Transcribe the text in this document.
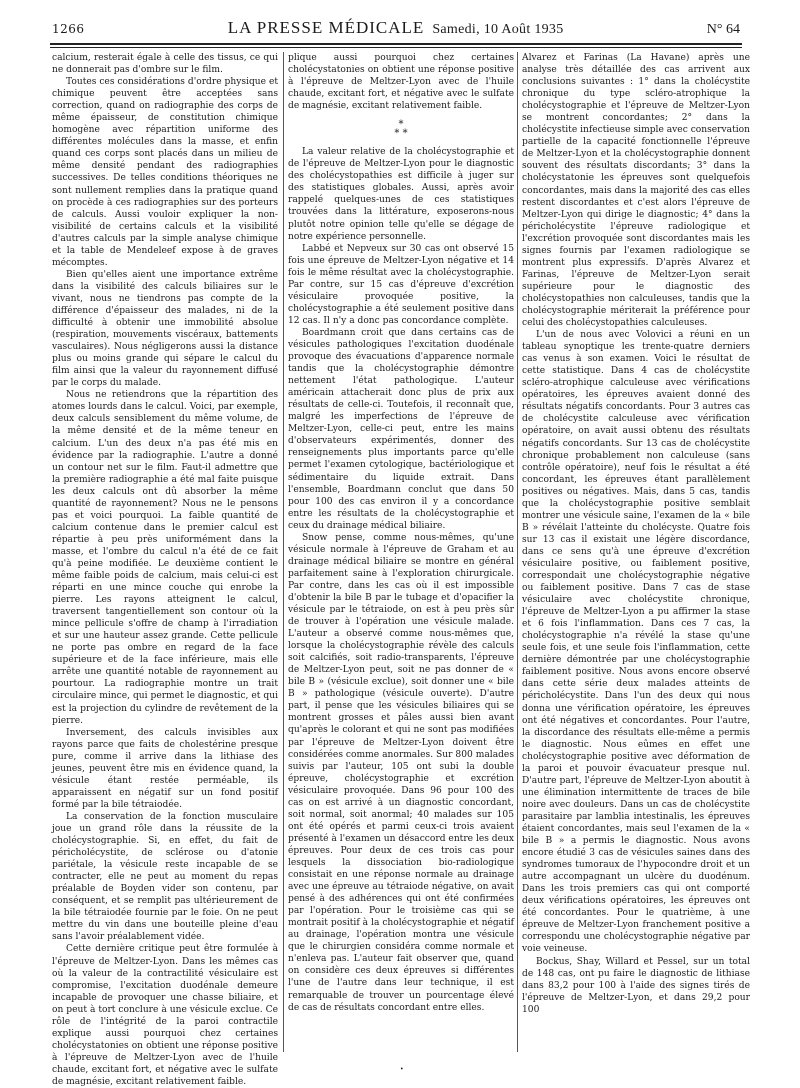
1266	LA PRESSE MÉDICALE Samedi, 10 Août 1935	N° 64

calcium, resterait égale à celle des tissus, ce qui ne donnerait pas d'ombre sur le film.

Toutes ces considérations d'ordre physique et chimique peuvent être acceptées sans correction, quand on radiographie des corps de même épaisseur, de constitution chimique homogène avec répartition uniforme des différentes molécules dans la masse, et enfin quand ces corps sont placés dans un milieu de même densité pendant des radiographies successives. De telles conditions théoriques ne sont nullement remplies dans la pratique quand on procède à ces radiographies sur des porteurs de calculs. Aussi vouloir expliquer la non-visibilité de certains calculs et la visibilité d'autres calculs par la simple analyse chimique et la table de Mendeleef expose à de graves mécomptes.

Bien qu'elles aient une importance extrême dans la visibilité des calculs biliaires sur le vivant, nous ne tiendrons pas compte de la différence d'épaisseur des malades, ni de la difficulté à obtenir une immobilité absolue (respiration, mouvements viscéraux, battements vasculaires). Nous négligerons aussi la distance plus ou moins grande qui sépare le calcul du film ainsi que la valeur du rayonnement diffusé par le corps du malade.

Nous ne retiendrons que la répartition des atomes lourds dans le calcul. Voici, par exemple, deux calculs sensiblement du même volume, de la même densité et de la même teneur en calcium. L'un des deux n'a pas été mis en évidence par la radiographie. L'autre a donné un contour net sur le film. Faut-il admettre que la première radiographie a été mal faite puisque les deux calculs ont dû absorber la même quantité de rayonnement? Nous ne le pensons pas et voici pourquoi. La faible quantité de calcium contenue dans le premier calcul est répartie à peu près uniformément dans la masse, et l'ombre du calcul n'a été de ce fait qu'à peine modifiée. Le deuxième contient le même faible poids de calcium, mais celui-ci est réparti en une mince couche qui enrobe la pierre. Les rayons atteignent le calcul, traversent tangentiellement son contour où la mince pellicule s'offre de champ à l'irradiation et sur une hauteur assez grande. Cette pellicule ne porte pas ombre en regard de la face supérieure et de la face inférieure, mais elle arrête une quantité notable de rayonnement au pourtour. La radiographie montre un trait circulaire mince, qui permet le diagnostic, et qui est la projection du cylindre de revêtement de la pierre.

Inversement, des calculs invisibles aux rayons parce que faits de cholestérine presque pure, comme il arrive dans la lithiase des jeunes, peuvent être mis en évidence quand, la vésicule étant restée perméable, ils apparaissent en négatif sur un fond positif formé par la bile tétraiodée.

La conservation de la fonction musculaire joue un grand rôle dans la réussite de la cholécystographie. Si, en effet, du fait de péricholécystite, de sclérose ou d'atonie pariétale, la vésicule reste incapable de se contracter, elle ne peut au moment du repas préalable de Boyden vider son contenu, par conséquent, et se remplit pas ultérieurement de la bile tétraiodée fournie par le foie. On ne peut mettre du vin dans une bouteille pleine d'eau sans l'avoir préalablement vidée.

Cette dernière critique peut être formulée à l'épreuve de Meltzer-Lyon. Dans les mêmes cas où la valeur de la contractilité vésiculaire est compromise, l'excitation duodénale demeure incapable de provoquer une chasse biliaire, et on peut à tort conclure à une vésicule exclue. Ce rôle de l'intégrité de la paroi contractile explique aussi pourquoi chez certaines cholécystatonies on obtient une réponse positive à l'épreuve de Meltzer-Lyon avec de l'huile chaude, excitant fort, et négative avec le sulfate de magnésie, excitant relativement faible.

plique aussi pourquoi chez certaines cholécystatonies on obtient une réponse positive à l'épreuve de Meltzer-Lyon avec de l'huile chaude, excitant fort, et négative avec le sulfate de magnésie, excitant relativement faible.

*
* *

La valeur relative de la cholécystographie et de l'épreuve de Meltzer-Lyon pour le diagnostic des cholécystopathies est difficile à juger sur des statistiques globales. Aussi, après avoir rappelé quelques-unes de ces statistiques trouvées dans la littérature, exposerons-nous plutôt notre opinion telle qu'elle se dégage de notre expérience personnelle.

Labbé et Nepveux sur 30 cas ont observé 15 fois une épreuve de Meltzer-Lyon négative et 14 fois le même résultat avec la cholécystographie. Par contre, sur 15 cas d'épreuve d'excrétion vésiculaire provoquée positive, la cholécystographie a été seulement positive dans 12 cas. Il n'y a donc pas concordance complète.

Boardmann croit que dans certains cas de vésicules pathologiques l'excitation duodénale provoque des évacuations d'apparence normale tandis que la cholécystographie démontre nettement l'état pathologique. L'auteur américain attacherait donc plus de prix aux résultats de celle-ci. Toutefois, il reconnaît que, malgré les imperfections de l'épreuve de Meltzer-Lyon, celle-ci peut, entre les mains d'observateurs expérimentés, donner des renseignements plus importants parce qu'elle permet l'examen cytologique, bactériologique et sédimentaire du liquide extrait. Dans l'ensemble, Boardmann conclut que dans 50 pour 100 des cas environ il y a concordance entre les résultats de la cholécystographie et ceux du drainage médical biliaire.

Snow pense, comme nous-mêmes, qu'une vésicule normale à l'épreuve de Graham et au drainage médical biliaire se montre en général parfaitement saine à l'exploration chirurgicale. Par contre, dans les cas où il est impossible d'obtenir la bile B par le tubage et d'opacifier la vésicule par le tétraiode, on est à peu près sûr de trouver à l'opération une vésicule malade. L'auteur a observé comme nous-mêmes que, lorsque la cholécystographie révèle des calculs soit calcifiés, soit radio-transparents, l'épreuve de Meltzer-Lyon peut, soit ne pas donner de « bile B » (vésicule exclue), soit donner une « bile B » pathologique (vésicule ouverte). D'autre part, il pense que les vésicules biliaires qui se montrent grosses et pâles aussi bien avant qu'après le colorant et qui ne sont pas modifiées par l'épreuve de Meltzer-Lyon doivent être considérées comme anormales. Sur 800 malades suivis par l'auteur, 105 ont subi la double épreuve, cholécystographie et excrétion vésiculaire provoquée. Dans 96 pour 100 des cas on est arrivé à un diagnostic concordant, soit normal, soit anormal; 40 malades sur 105 ont été opérés et parmi ceux-ci trois avaient présenté à l'examen un désaccord entre les deux épreuves. Pour deux de ces trois cas pour lesquels la dissociation bio-radiologique consistait en une réponse normale au drainage avec une épreuve au tétraiode négative, on avait pensé à des adhérences qui ont été confirmées par l'opération. Pour le troisième cas qui se montrait positif à la cholécystographie et négatif au drainage, l'opération montra une vésicule que le chirurgien considéra comme normale et n'enleva pas. L'auteur fait observer que, quand on considère ces deux épreuves si différentes l'une de l'autre dans leur technique, il est remarquable de trouver un pourcentage élevé de cas de résultats concordant entre elles.

Alvarez et Farinas (La Havane) après une analyse très détaillée des cas arrivent aux conclusions suivantes : 1° dans la cholécystite chronique du type scléro-atrophique la cholécystographie et l'épreuve de Meltzer-Lyon se montrent concordantes; 2° dans la cholécystite infectieuse simple avec conservation partielle de la capacité fonctionnelle l'épreuve de Meltzer-Lyon et la cholécystographie donnent souvent des résultats discordants; 3° dans la cholécystatonie les épreuves sont quelquefois concordantes, mais dans la majorité des cas elles restent discordantes et c'est alors l'épreuve de Meltzer-Lyon qui dirige le diagnostic; 4° dans la péricholécystite l'épreuve radiologique et l'excrétion provoquée sont discordantes mais les signes fournis par l'examen radiologique se montrent plus expressifs. D'après Alvarez et Farinas, l'épreuve de Meltzer-Lyon serait supérieure pour le diagnostic des cholécystopathies non calculeuses, tandis que la cholécystographie mériterait la préférence pour celui des cholécystopathies calculeuses.

L'un de nous avec Volovici a réuni en un tableau synoptique les trente-quatre derniers cas venus à son examen. Voici le résultat de cette statistique. Dans 4 cas de cholécystite scléro-atrophique calculeuse avec vérifications opératoires, les épreuves avaient donné des résultats négatifs concordants. Pour 3 autres cas de cholécystite calculeuse avec vérification opératoire, on avait aussi obtenu des résultats négatifs concordants. Sur 13 cas de cholécystite chronique probablement non calculeuse (sans contrôle opératoire), neuf fois le résultat a été concordant, les épreuves étant parallèlement positives ou négatives. Mais, dans 5 cas, tandis que la cholécystographie positive semblait montrer une vésicule saine, l'examen de la « bile B » révélait l'atteinte du cholécyste. Quatre fois sur 13 cas il existait une légère discordance, dans ce sens qu'à une épreuve d'excrétion vésiculaire positive, ou faiblement positive, correspondait une cholécystographie négative ou faiblement positive. Dans 7 cas de stase vésiculaire avec cholécystite chronique, l'épreuve de Meltzer-Lyon a pu affirmer la stase et 6 fois l'inflammation. Dans ces 7 cas, la cholécystographie n'a révélé la stase qu'une seule fois, et une seule fois l'inflammation, cette dernière démontrée par une cholécystographie faiblement positive. Nous avons encore observé dans cette série deux malades atteints de péricholécystite. Dans l'un des deux qui nous donna une vérification opératoire, les épreuves ont été négatives et concordantes. Pour l'autre, la discordance des résultats elle-même a permis le diagnostic. Nous eûmes en effet une cholécystographie positive avec déformation de la paroi et pouvoir évacuateur presque nul. D'autre part, l'épreuve de Meltzer-Lyon aboutit à une élimination intermittente de traces de bile noire avec douleurs. Dans un cas de cholécystite parasitaire par lamblia intestinalis, les épreuves étaient concordantes, mais seul l'examen de la « bile B » a permis le diagnostic. Nous avons encore étudié 3 cas de vésicules saines dans des syndromes tumoraux de l'hypocondre droit et un autre accompagnant un ulcère du duodénum. Dans les trois premiers cas qui ont comporté deux vérifications opératoires, les épreuves ont été concordantes. Pour le quatrième, à une épreuve de Meltzer-Lyon franchement positive a correspondu une cholécystographie négative par voie veineuse.

Bockus, Shay, Willard et Pessel, sur un total de 148 cas, ont pu faire le diagnostic de lithiase dans 83,2 pour 100 à l'aide des signes tirés de l'épreuve de Meltzer-Lyon, et dans 29,2 pour 100

•
